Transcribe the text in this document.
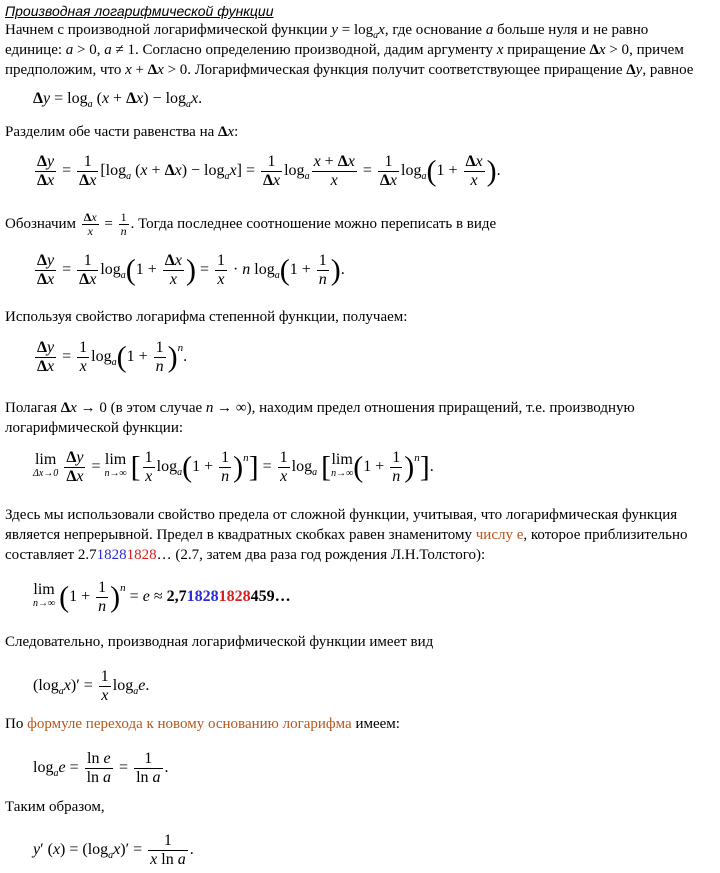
Производная логарифмической функции
Начнем с производной логарифмической функции $y = \log_ax$, где основание a больше нуля и не равно
единице: a > 0, a ≠ 1. Согласно определению производной, дадим аргументу x приращение Δx > 0, причем
предположим, что x + Δx > 0. Логарифмическая функция получит соответствующее приращение Δy, равное
$\Delta y = \log_a (x + \Delta x) - \log_ax$.
Разделим обе части равенства на Δx:
$\frac{\Delta y}{\Delta x} = \frac{1}{\Delta x} [\log_a$ $(x + \Delta x) - \log_ax] = \frac{1}{\Delta x} \log_a \frac{x + \Delta x}{x} = \frac{1}{\Delta x} \log_a(1 + \frac{\Delta x}{x}$ ).
Обозначим $\frac{\Delta x}{x} = \frac{1}{n}$ . Тогда последнее соотношение можно переписать в виде
$\frac{\Delta y}{\Delta x} = \frac{1}{\Delta x} \log_a(1 + \frac{\Delta x}{x}$ ) = $\frac{1}{x} \cdot n$ $\log_a(1 + \frac{1}{n}$ ).
Используя свойство логарифма степенной функции, получаем:
$\frac{\Delta y}{\Delta x} = \frac{1}{x} \log_a(1 + \frac{1}{n} )^n$.
Полагая Δx → 0 (в этом случае n → ∞), находим предел отношения приращений, т.е. производную
логарифмической функции:
lim
Δx→0
$\frac{\Delta y}{\Delta x} = \lim$
n→∞ [ $\frac{1}{x} \log_a(1 + \frac{1}{n} )^n] = \frac{1}{x} \log_a$ [ lim
n→∞ $(1 + \frac{1}{n} )^n$].
Здесь мы использовали свойство предела от сложной функции, учитывая, что логарифмическая функция
является непрерывной. Предел в квадратных скобках равен знаменитому числу e, которое приблизительно
составляет 2.718281828… (2.7, затем два раза год рождения Л.Н.Толстого):
lim
n→∞ $(1 + \frac{1}{n} )^n = e$ ≈ 2,718281828459…
Следовательно, производная логарифмической функции имеет вид
$(\log_ax)' = \frac{1}{x} \log_ae$.
По формуле перехода к новому основанию логарифма имеем:
$\log_ae = \frac{\text{ln e}}{\text{ln a}} = \frac{1}{\text{ln a}}$ .
Таким образом,
y′ $(x) = (\log_ax)' = \frac{1}{\text{x ln a}}$ .
